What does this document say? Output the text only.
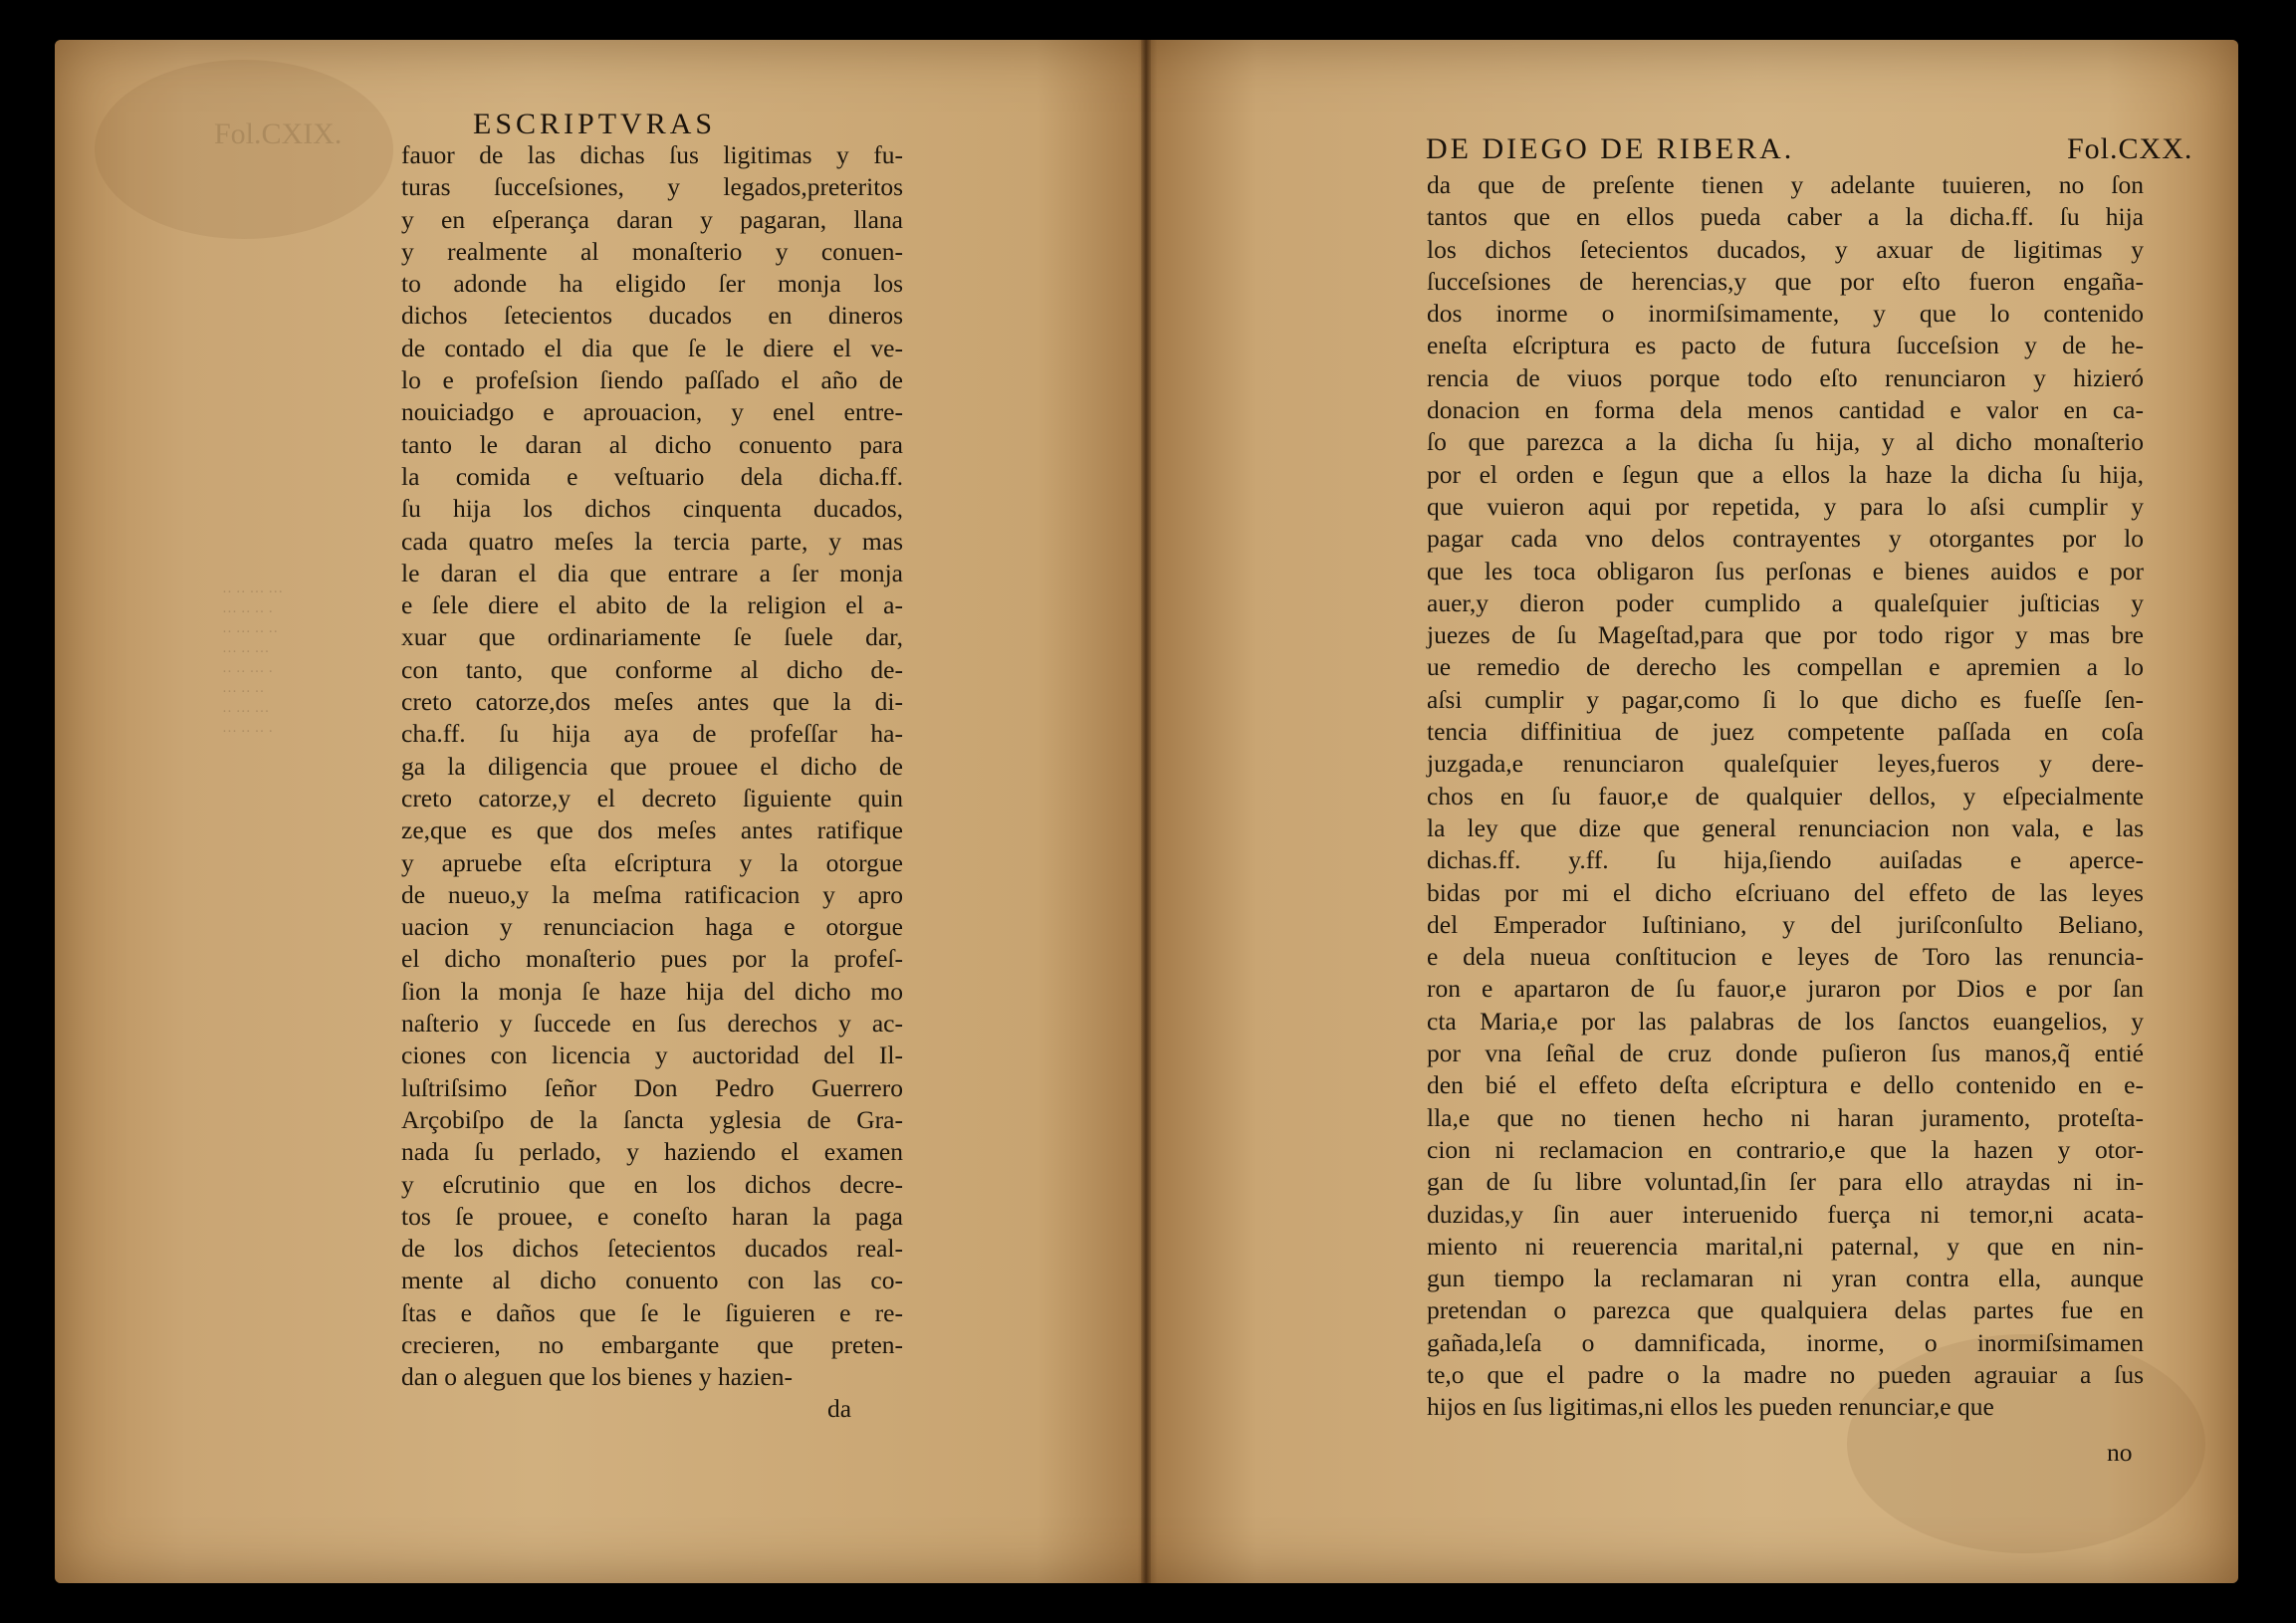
Fol.CXIX.
·· ·· ··· ···
··· ·· ·· ·
·· ··· ·· ··
··· ·· ···
·· ·· ··· ·
··· ·· ··
·· ··· ···
··· ·· ·· ·
ESCRIPTVRAS
fauor de las dichas ſus ligitimas y fu-
turas ſucceſsiones, y legados,preteritos
y en eſperança daran y pagaran, llana
y realmente al monaſterio y conuen-
to adonde ha eligido ſer monja los
dichos ſetecientos ducados en dineros
de contado el dia que ſe le diere el ve-
lo e profeſsion ſiendo paſſado el año de
nouiciadgo e aprouacion, y enel entre-
tanto le daran al dicho conuento para
la comida e veſtuario dela dicha.ff.
ſu hija los dichos cinquenta ducados,
cada quatro meſes la tercia parte, y mas
le daran el dia que entrare a ſer monja
e ſele diere el abito de la religion el a-
xuar que ordinariamente ſe ſuele dar,
con tanto, que conforme al dicho de-
creto catorze,dos meſes antes que la di-
cha.ff. ſu hija aya de profeſſar ha-
ga la diligencia que prouee el dicho de
creto catorze,y el decreto ſiguiente quin
ze,que es que dos meſes antes ratifique
y apruebe eſta eſcriptura y la otorgue
de nueuo,y la meſma ratificacion y apro
uacion y renunciacion haga e otorgue
el dicho monaſterio pues por la profeſ-
ſion la monja ſe haze hija del dicho mo
naſterio y ſuccede en ſus derechos y ac-
ciones con licencia y auctoridad del Il-
luſtriſsimo ſeñor Don Pedro Guerrero
Arçobiſpo de la ſancta yglesia de Gra-
nada ſu perlado, y haziendo el examen
y eſcrutinio que en los dichos decre-
tos ſe prouee, e coneſto haran la paga
de los dichos ſetecientos ducados real-
mente al dicho conuento con las co-
ſtas e daños que ſe le ſiguieren e re-
crecieren, no embargante que preten-
dan o aleguen que los bienes y hazien-
da
DE DIEGO DE RIBERA.	Fol.CXX.
da que de preſente tienen y adelante tuuieren, no ſon
tantos que en ellos pueda caber a la dicha.ff. ſu hija
los dichos ſetecientos ducados, y axuar de ligitimas y
ſucceſsiones de herencias,y que por eſto fueron engaña-
dos inorme o inormiſsimamente, y que lo contenido
eneſta eſcriptura es pacto de futura ſucceſsion y de he-
rencia de viuos porque todo eſto renunciaron y hizieró
donacion en forma dela menos cantidad e valor en ca-
ſo que parezca a la dicha ſu hija, y al dicho monaſterio
por el orden e ſegun que a ellos la haze la dicha ſu hija,
que vuieron aqui por repetida, y para lo aſsi cumplir y
pagar cada vno delos contrayentes y otorgantes por lo
que les toca obligaron ſus perſonas e bienes auidos e por
auer,y dieron poder cumplido a qualeſquier juſticias y
juezes de ſu Mageſtad,para que por todo rigor y mas bre
ue remedio de derecho les compellan e apremien a lo
aſsi cumplir y pagar,como ſi lo que dicho es fueſſe ſen-
tencia diffinitiua de juez competente paſſada en coſa
juzgada,e renunciaron qualeſquier leyes,fueros y dere-
chos en ſu fauor,e de qualquier dellos, y eſpecialmente
la ley que dize que general renunciacion non vala, e las
dichas.ff. y.ff. ſu hija,ſiendo auiſadas e aperce-
bidas por mi el dicho eſcriuano del effeto de las leyes
del Emperador Iuſtiniano, y del juriſconſulto Beliano,
e dela nueua conſtitucion e leyes de Toro las renuncia-
ron e apartaron de ſu fauor,e juraron por Dios e por ſan
cta Maria,e por las palabras de los ſanctos euangelios, y
por vna ſeñal de cruz donde puſieron ſus manos,q̃ entié
den bié el effeto deſta eſcriptura e dello contenido en e-
lla,e que no tienen hecho ni haran juramento, proteſta-
cion ni reclamacion en contrario,e que la hazen y otor-
gan de ſu libre voluntad,ſin ſer para ello atraydas ni in-
duzidas,y ſin auer interuenido fuerça ni temor,ni acata-
miento ni reuerencia marital,ni paternal, y que en nin-
gun tiempo la reclamaran ni yran contra ella, aunque
pretendan o parezca que qualquiera delas partes fue en
gañada,leſa o damnificada, inorme, o inormiſsimamen
te,o que el padre o la madre no pueden agrauiar a ſus
hijos en ſus ligitimas,ni ellos les pueden renunciar,e que
no
